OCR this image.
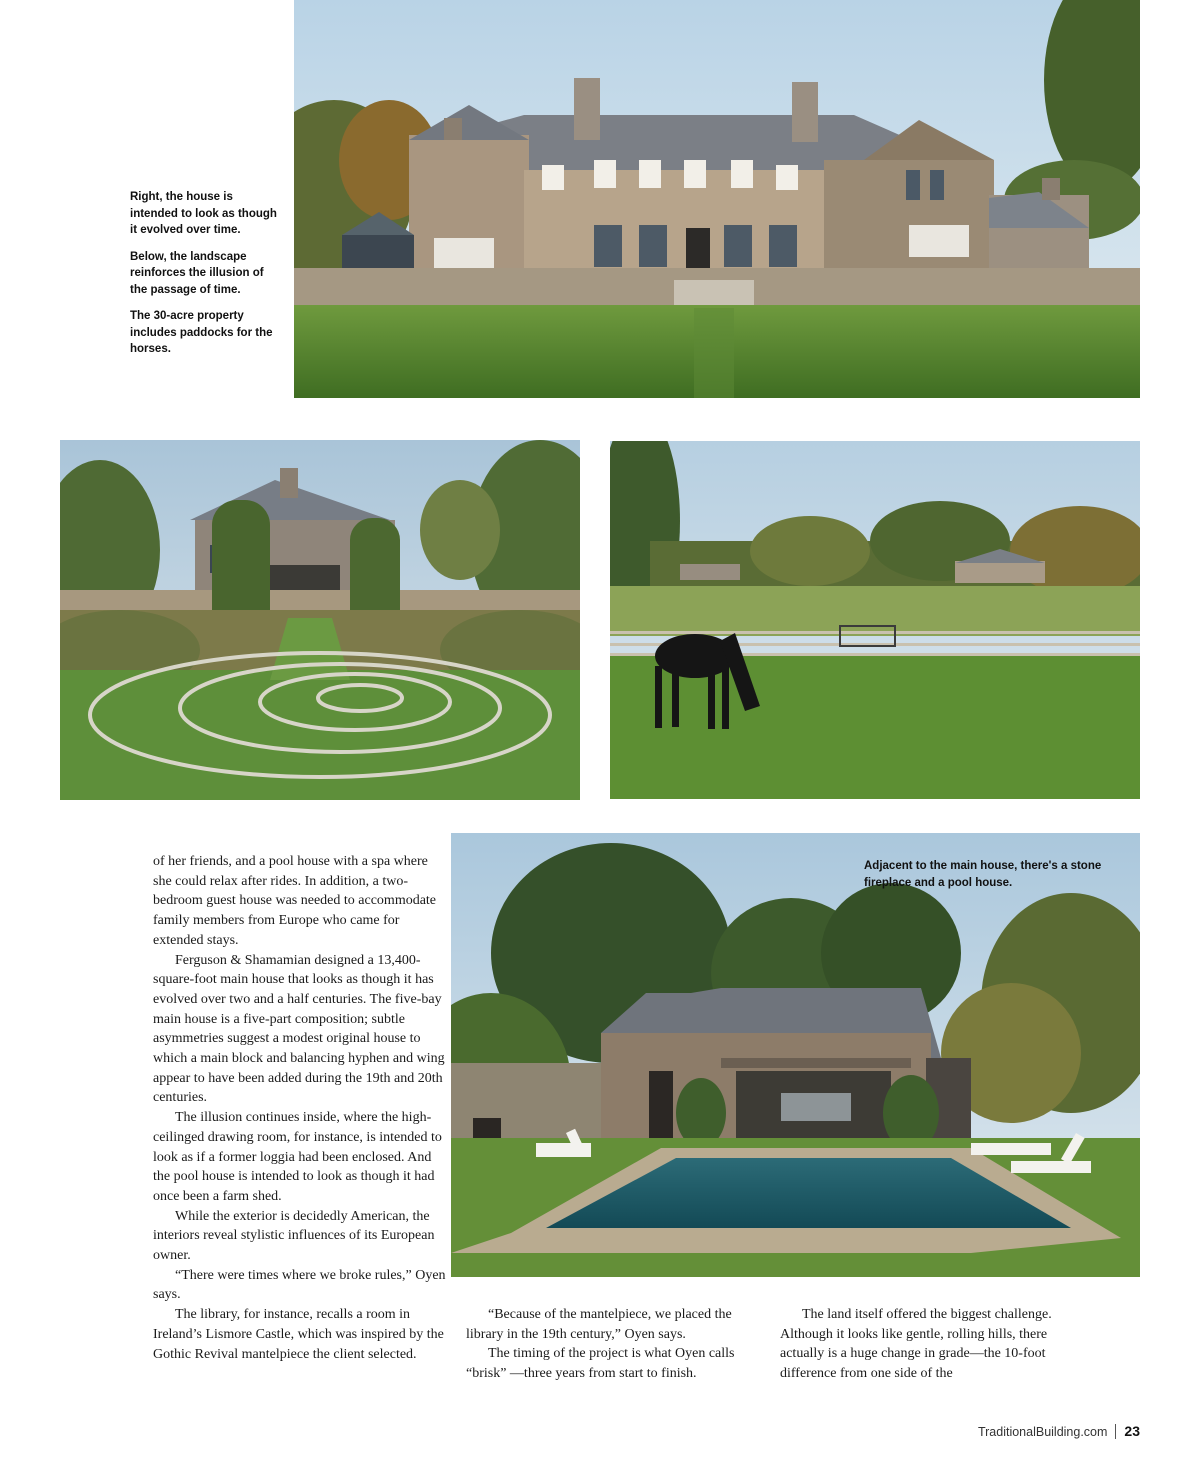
Right, the house is intended to look as though it evolved over time.

Below, the landscape reinforces the illusion of the passage of time.

The 30-acre property includes paddocks for the horses.

Adjacent to the main house, there's a stone fireplace and a pool house.

of her friends, and a pool house with a spa where she could relax after rides. In addition, a two-bedroom guest house was needed to accommodate family members from Europe who came for extended stays.

Ferguson & Shamamian designed a 13,400-square-foot main house that looks as though it has evolved over two and a half centuries. The five-bay main house is a five-part composition; subtle asymmetries suggest a modest original house to which a main block and balancing hyphen and wing appear to have been added during the 19th and 20th centuries.

The illusion continues inside, where the high-ceilinged drawing room, for instance, is intended to look as if a former loggia had been enclosed. And the pool house is intended to look as though it had once been a farm shed.

While the exterior is decidedly American, the interiors reveal stylistic influences of its European owner.

“There were times where we broke rules,” Oyen says.

The library, for instance, recalls a room in Ireland’s Lismore Castle, which was inspired by the Gothic Revival mantelpiece the client selected.

“Because of the mantelpiece, we placed the library in the 19th century,” Oyen says.

The timing of the project is what Oyen calls “brisk” —three years from start to finish.

The land itself offered the biggest challenge. Although it looks like gentle, rolling hills, there actually is a huge change in grade—the 10-foot difference from one side of the

TraditionalBuilding.com 23
